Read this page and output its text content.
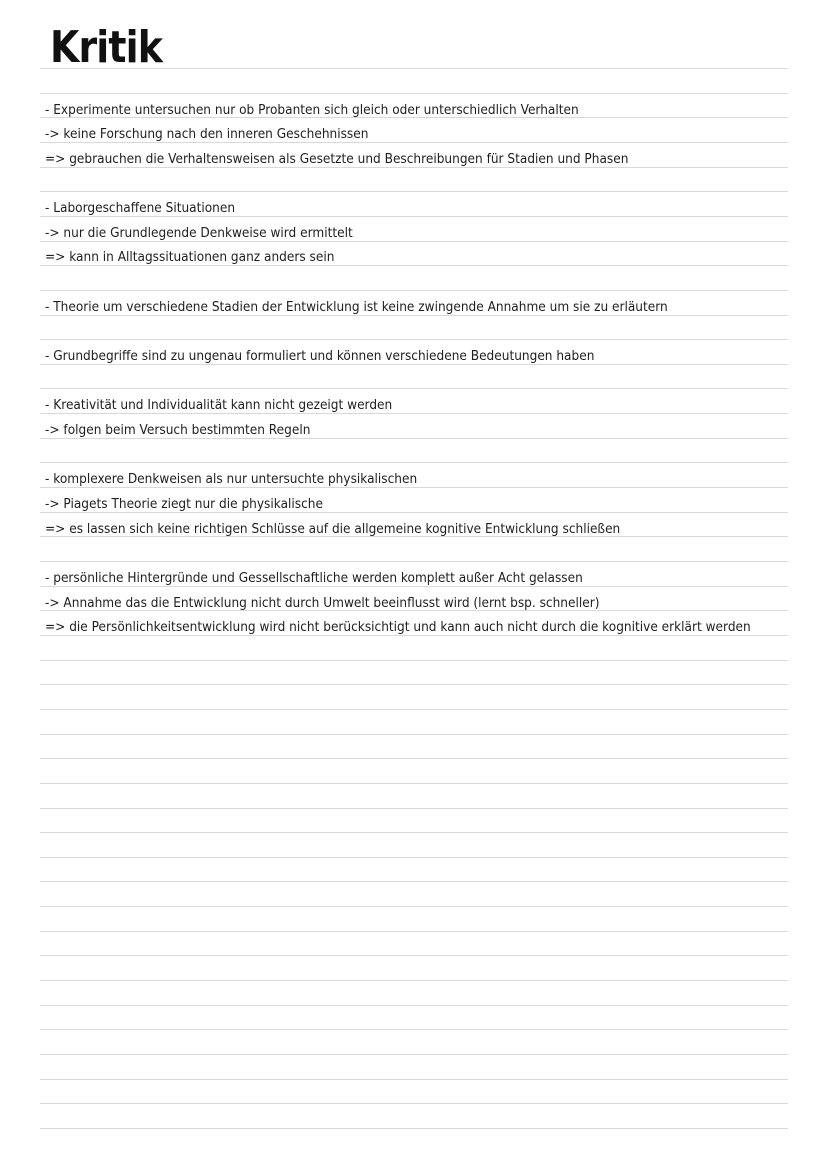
Kritik
- Experimente untersuchen nur ob Probanten sich gleich oder unterschiedlich Verhalten
-> keine Forschung nach den inneren Geschehnissen
=> gebrauchen die Verhaltensweisen als Gesetzte und Beschreibungen für Stadien und Phasen
- Laborgeschaffene Situationen
-> nur die Grundlegende Denkweise wird ermittelt
=> kann in Alltagssituationen ganz anders sein
- Theorie um verschiedene Stadien der Entwicklung ist keine zwingende Annahme um sie zu erläutern
- Grundbegriffe sind zu ungenau formuliert und können verschiedene Bedeutungen haben
- Kreativität und Individualität kann nicht gezeigt werden
-> folgen beim Versuch bestimmten Regeln
- komplexere Denkweisen als nur untersuchte physikalischen
-> Piagets Theorie ziegt nur die physikalische
=> es lassen sich keine richtigen Schlüsse auf die allgemeine kognitive Entwicklung schließen
- persönliche Hintergründe und Gessellschaftliche werden komplett außer Acht gelassen
-> Annahme das die Entwicklung nicht durch Umwelt beeinflusst wird (lernt bsp. schneller)
=> die Persönlichkeitsentwicklung wird nicht berücksichtigt und kann auch nicht durch die kognitive erklärt werden
